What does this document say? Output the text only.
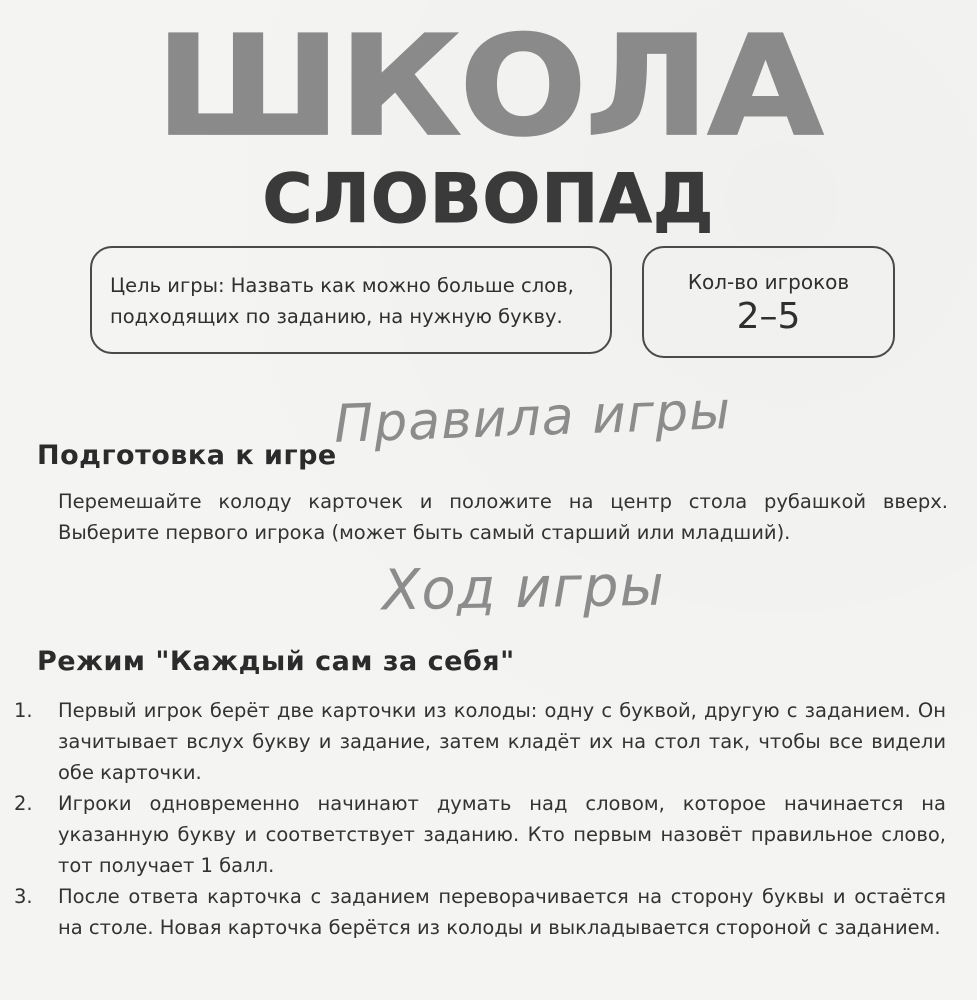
ШКОЛА
СЛОВОПАД
Цель игры: Назвать как можно больше слов, подходящих по заданию, на нужную букву.
Кол-во игроков
2–5
Правила игры
Подготовка к игре
Перемешайте колоду карточек и положите на центр стола рубашкой вверх. Выберите первого игрока (может быть самый старший или младший).
Ход игры
Режим "Каждый сам за себя"
1. Первый игрок берёт две карточки из колоды: одну с буквой, другую с заданием. Он зачитывает вслух букву и задание, затем кладёт их на стол так, чтобы все видели обе карточки.
2. Игроки одновременно начинают думать над словом, которое начинается на указанную букву и соответствует заданию. Кто первым назовёт правильное слово, тот получает 1 балл.
3. После ответа карточка с заданием переворачивается на сторону буквы и остаётся на столе. Новая карточка берётся из колоды и выкладывается стороной с заданием.
